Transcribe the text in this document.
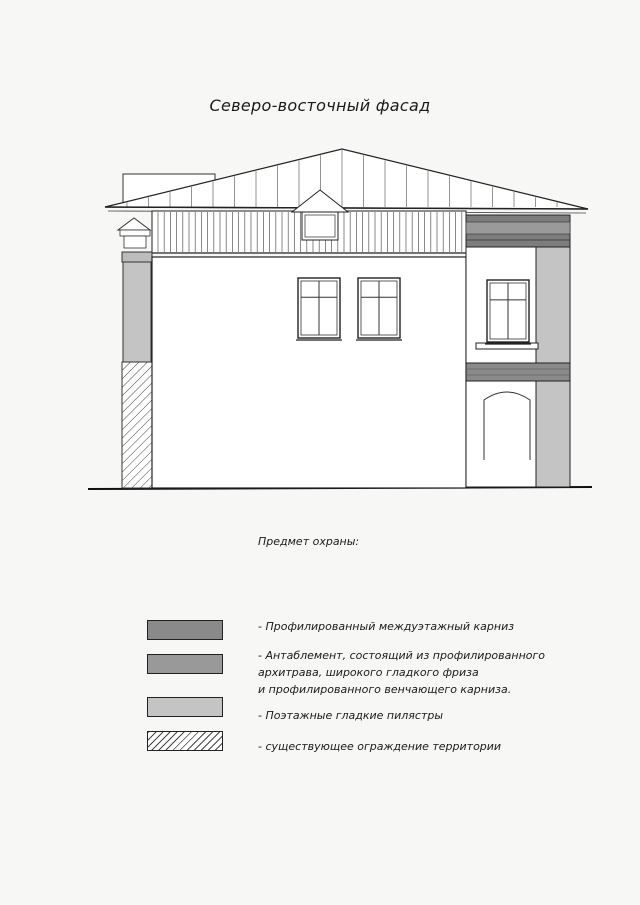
Северо-восточный фасад
Предмет охраны:
- Профилированный междуэтажный карниз
- Антаблемент, состоящий из профилированного
архитрава, широкого гладкого фриза
и профилированного венчающего карниза.
- Поэтажные гладкие пилястры
- существующее ограждение территории
